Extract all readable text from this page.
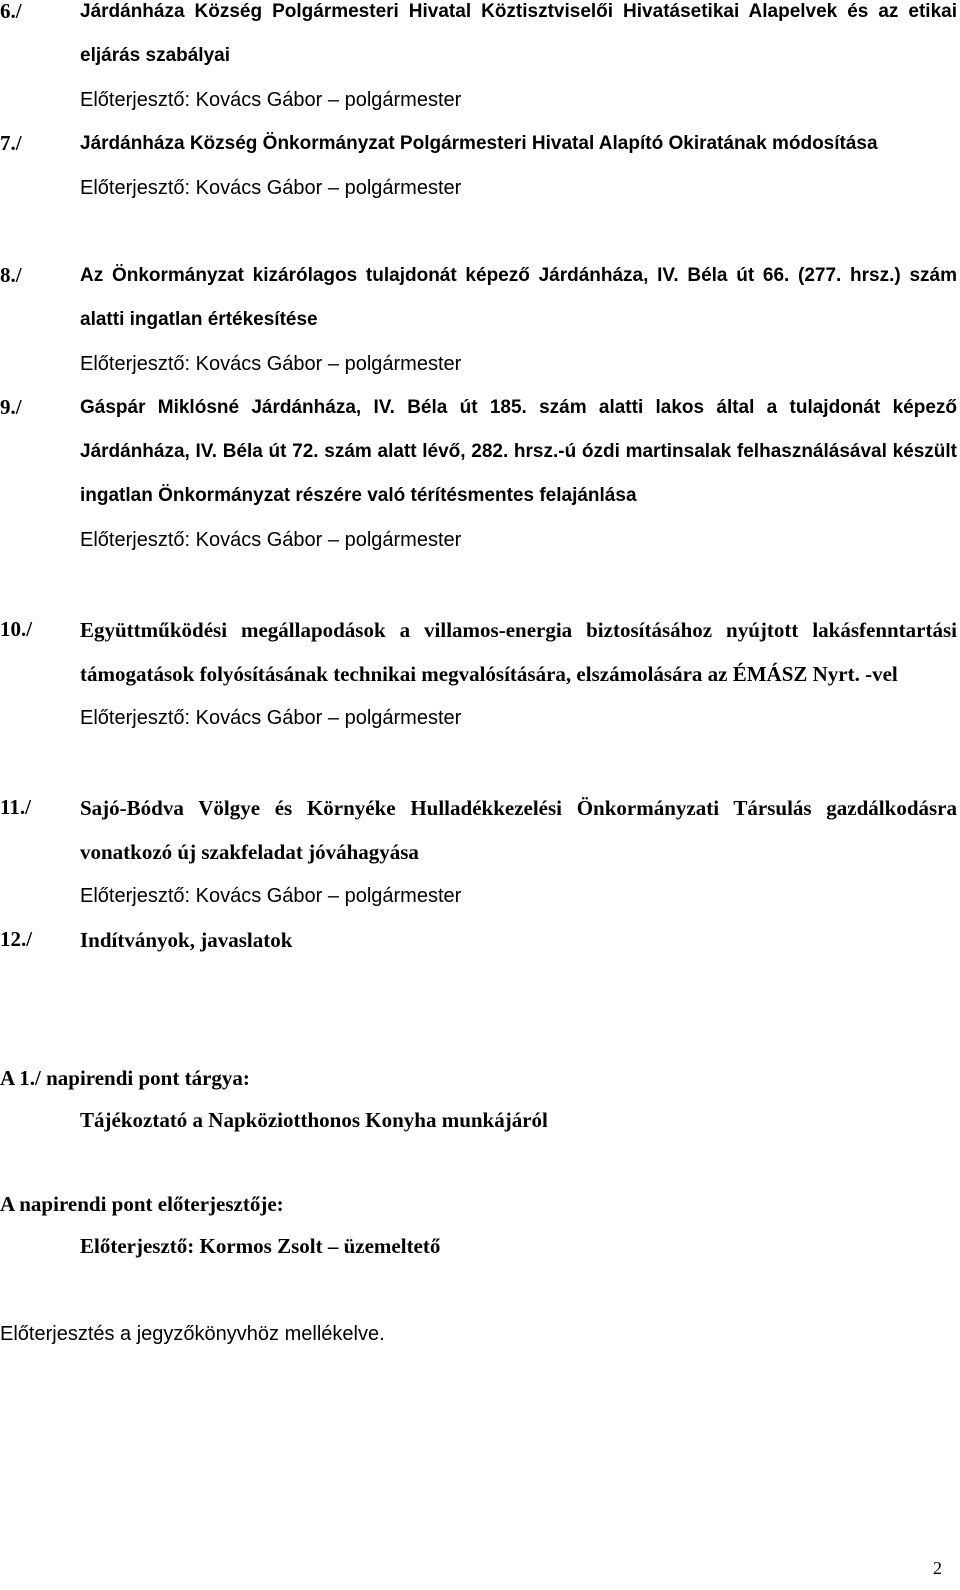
6./	Járdánháza Község Polgármesteri Hivatal Köztisztviselői Hivatásetikai Alapelvek és az etikai eljárás szabályai
Előterjesztő: Kovács Gábor – polgármester
7./	Járdánháza Község Önkormányzat Polgármesteri Hivatal Alapító Okiratának módosítása
Előterjesztő: Kovács Gábor – polgármester
8./	Az Önkormányzat kizárólagos tulajdonát képező Járdánháza, IV. Béla út 66. (277. hrsz.) szám alatti ingatlan értékesítése
Előterjesztő: Kovács Gábor – polgármester
9./	Gáspár Miklósné Járdánháza, IV. Béla út 185. szám alatti lakos által a tulajdonát képező Járdánháza, IV. Béla út 72. szám alatt lévő, 282. hrsz.-ú ózdi martinsalak felhasználásával készült ingatlan Önkormányzat részére való térítésmentes felajánlása
Előterjesztő: Kovács Gábor – polgármester
10./ Együttműködési megállapodások a villamos-energia biztosításához nyújtott lakásfenntartási támogatások folyósításának technikai megvalósítására, elszámolására az ÉMÁSZ Nyrt. -vel
Előterjesztő: Kovács Gábor – polgármester
11./ Sajó-Bódva Völgye és Környéke Hulladékkezelési Önkormányzati Társulás gazdálkodásra vonatkozó új szakfeladat jóváhagyása
Előterjesztő: Kovács Gábor – polgármester
12./ Indítványok, javaslatok
A 1./ napirendi pont tárgya:
Tájékoztató a Napköziotthonos Konyha munkájáról
A napirendi pont előterjesztője:
Előterjesztő: Kormos Zsolt – üzemeltető
Előterjesztés a jegyzőkönyvhöz mellékelve.
2
